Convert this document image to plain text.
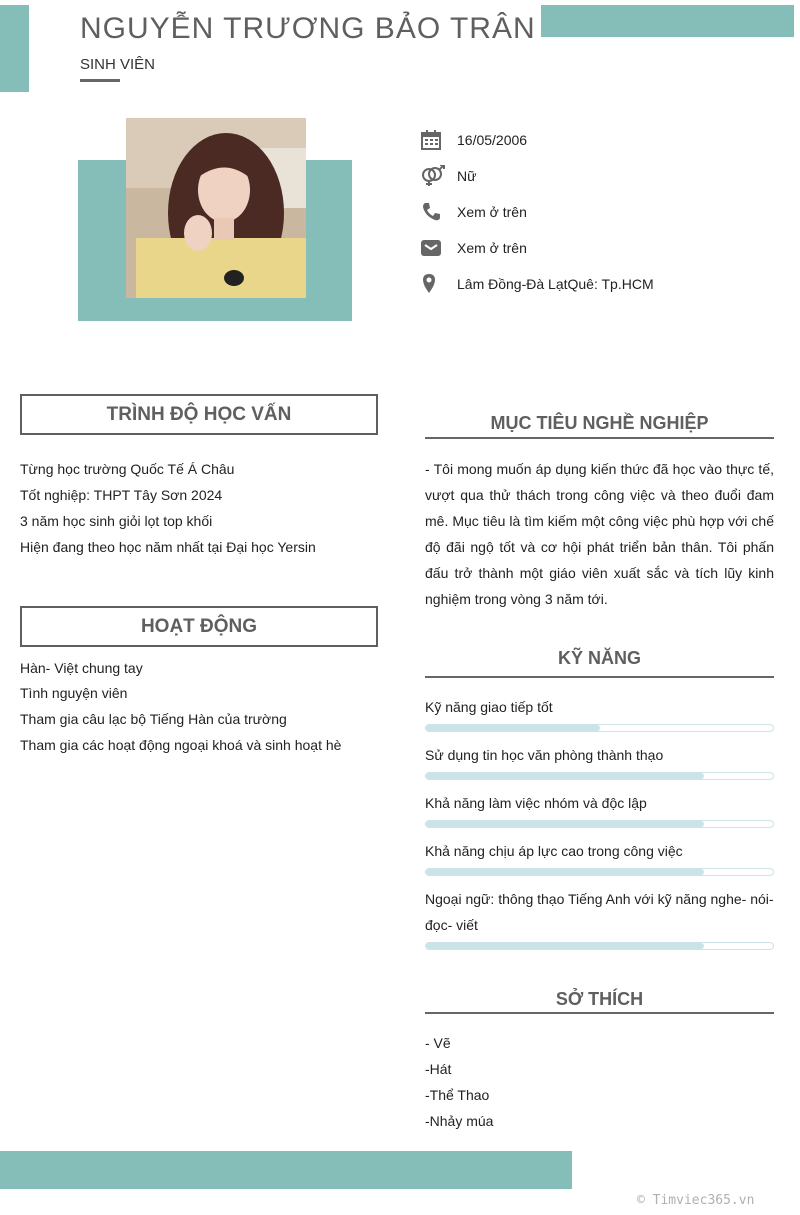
NGUYỄN TRƯƠNG BẢO TRÂN
SINH VIÊN
16/05/2006
Nữ
Xem ở trên
Xem ở trên
Lâm Đồng-Đà LạtQuê: Tp.HCM
TRÌNH ĐỘ HỌC VẤN
Từng học trường Quốc Tế Á Châu
Tốt nghiệp: THPT Tây Sơn 2024
3 năm học sinh giỏi lọt top khối
Hiện đang theo học năm nhất tại Đại học Yersin
HOẠT ĐỘNG
Hàn- Việt chung tay
Tình nguyện viên
Tham gia câu lạc bộ Tiếng Hàn của trường
Tham gia các hoạt động ngoại khoá và sinh hoạt hè
MỤC TIÊU NGHỀ NGHIỆP
- Tôi mong muốn áp dụng kiến thức đã học vào thực tế, vượt qua thử thách trong công việc và theo đuổi đam mê. Mục tiêu là tìm kiếm một công việc phù hợp với chế độ đãi ngộ tốt và cơ hội phát triển bản thân. Tôi phấn đấu trở thành một giáo viên xuất sắc và tích lũy kinh nghiệm trong vòng 3 năm tới.
KỸ NĂNG
Kỹ năng giao tiếp tốt
Sử dụng tin học văn phòng thành thạo
Khả năng làm việc nhóm và độc lập
Khả năng chịu áp lực cao trong công việc
Ngoại ngữ: thông thạo Tiếng Anh với kỹ năng nghe- nói- đọc- viết
SỞ THÍCH
- Vẽ
-Hát
-Thể Thao
-Nhảy múa
© Timviec365.vn
